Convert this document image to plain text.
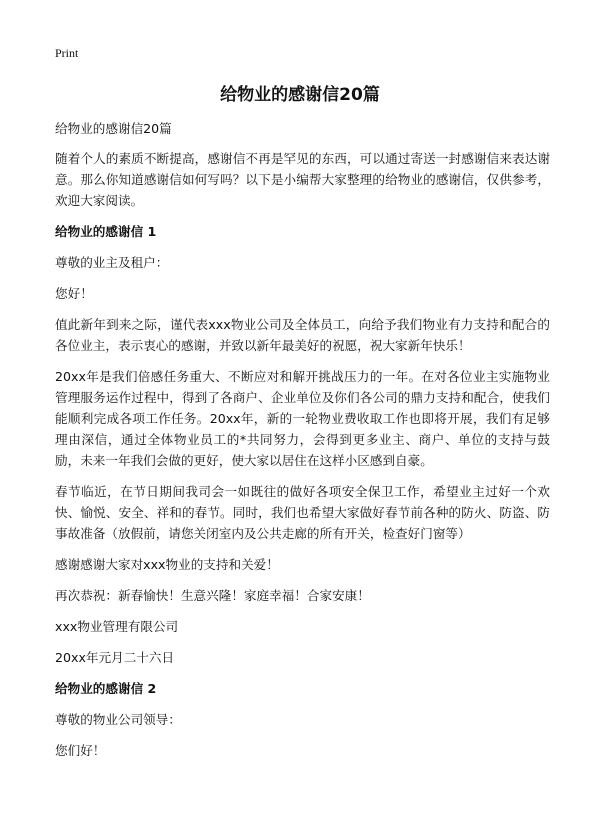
Print
给物业的感谢信20篇

给物业的感谢信20篇

随着个人的素质不断提高，感谢信不再是罕见的东西，可以通过寄送一封感谢信来表达谢意。那么你知道感谢信如何写吗？以下是小编帮大家整理的给物业的感谢信，仅供参考，欢迎大家阅读。

给物业的感谢信 1

尊敬的业主及租户：

您好！

值此新年到来之际，谨代表xxx物业公司及全体员工，向给予我们物业有力支持和配合的各位业主，表示衷心的感谢，并致以新年最美好的祝愿，祝大家新年快乐！

20xx年是我们倍感任务重大、不断应对和解开挑战压力的一年。在对各位业主实施物业管理服务运作过程中，得到了各商户、企业单位及你们各公司的鼎力支持和配合，使我们能顺利完成各项工作任务。20xx年，新的一轮物业费收取工作也即将开展，我们有足够理由深信，通过全体物业员工的*共同努力，会得到更多业主、商户、单位的支持与鼓励，未来一年我们会做的更好，使大家以居住在这样小区感到自豪。

春节临近，在节日期间我司会一如既往的做好各项安全保卫工作，希望业主过好一个欢快、愉悦、安全、祥和的春节。同时，我们也希望大家做好春节前各种的防火、防盗、防事故准备（放假前，请您关闭室内及公共走廊的所有开关，检查好门窗等）

感谢感谢大家对xxx物业的支持和关爱！

再次恭祝：新春愉快！生意兴隆！家庭幸福！合家安康！

xxx物业管理有限公司

20xx年元月二十六日

给物业的感谢信 2

尊敬的物业公司领导：

您们好！
